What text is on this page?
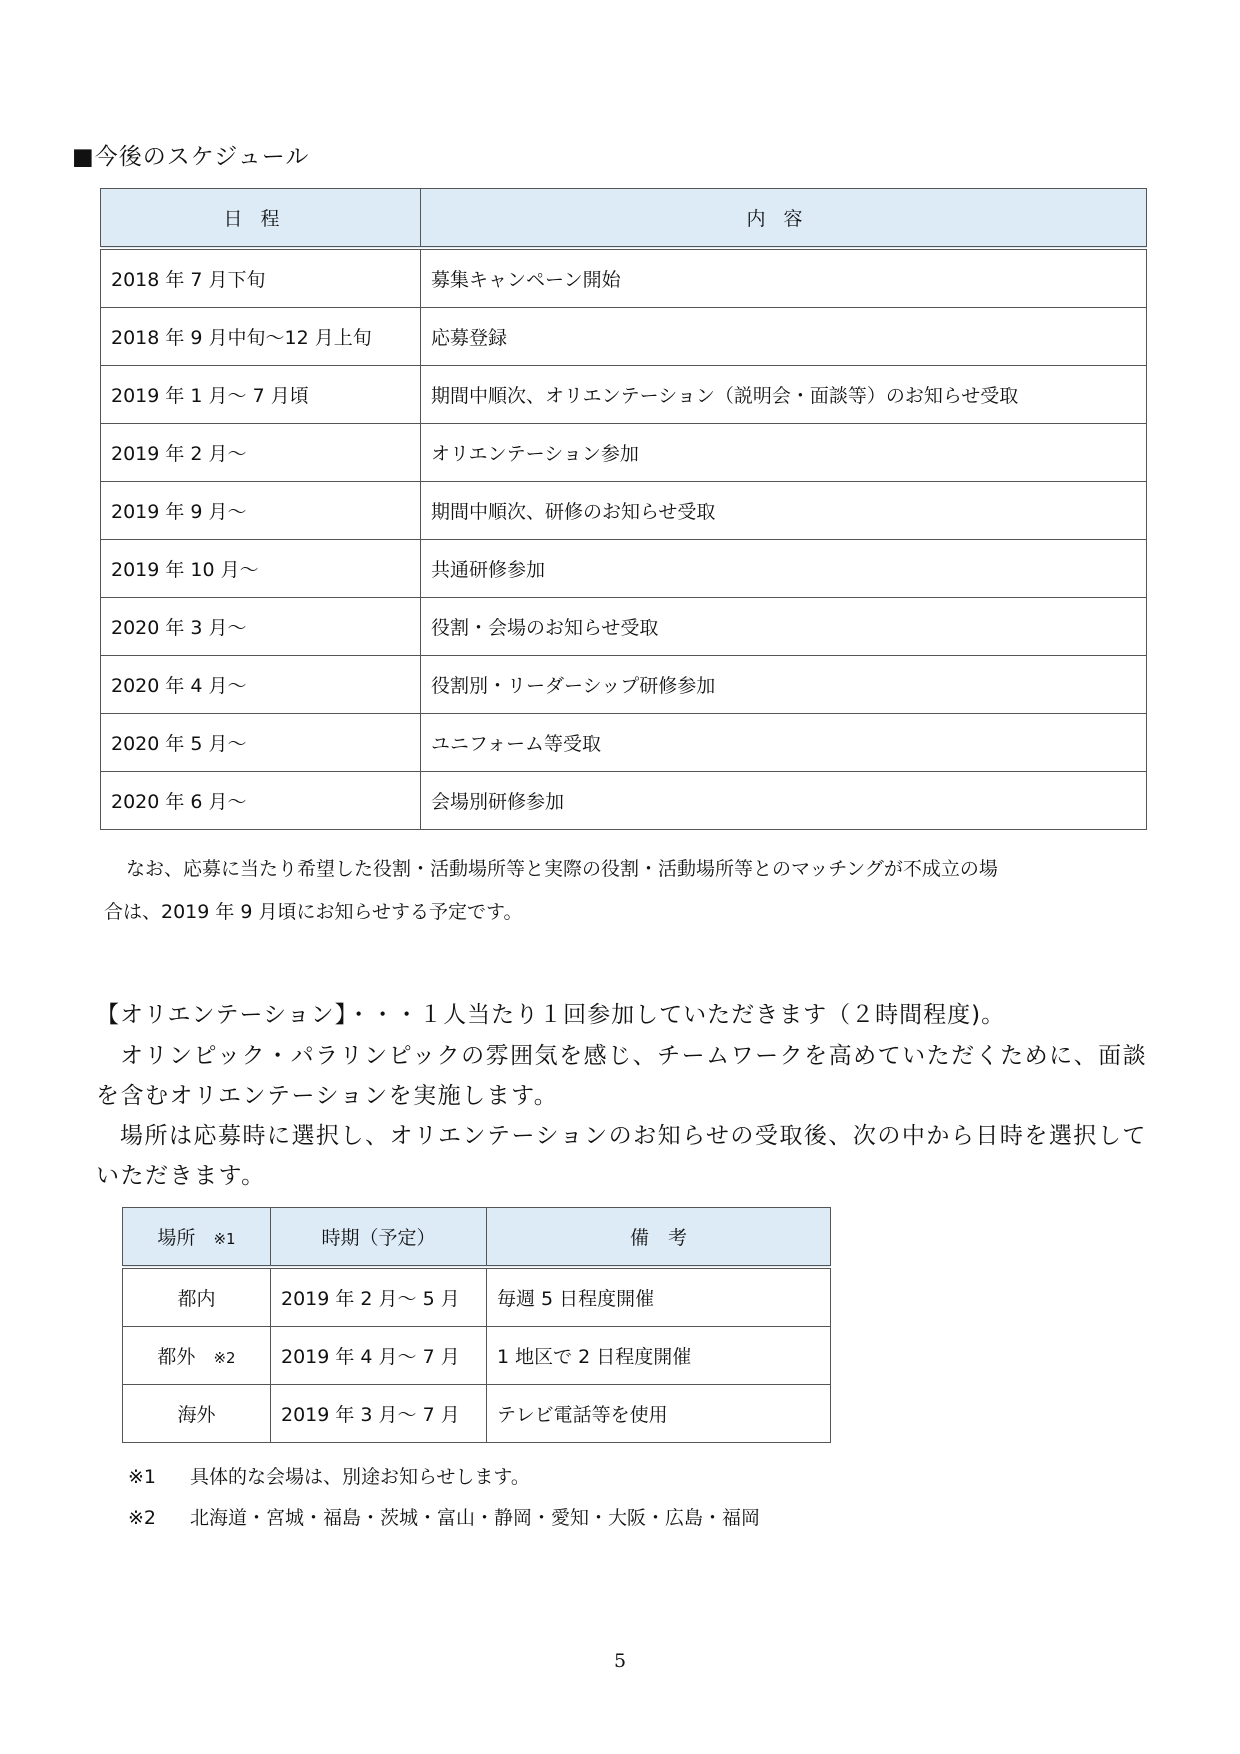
■今後のスケジュール
日程	内容
2018 年 7 月下旬	募集キャンペーン開始
2018 年 9 月中旬～12 月上旬	応募登録
2019 年 1 月～ 7 月頃	期間中順次、オリエンテーション（説明会・面談等）のお知らせ受取
2019 年 2 月～	オリエンテーション参加
2019 年 9 月～	期間中順次、研修のお知らせ受取
2019 年 10 月～	共通研修参加
2020 年 3 月～	役割・会場のお知らせ受取
2020 年 4 月～	役割別・リーダーシップ研修参加
2020 年 5 月～	ユニフォーム等受取
2020 年 6 月～	会場別研修参加
なお、応募に当たり希望した役割・活動場所等と実際の役割・活動場所等とのマッチングが不成立の場
合は、2019 年 9 月頃にお知らせする予定です。
【オリエンテーション】・・・１人当たり１回参加していただきます（２時間程度)。
オリンピック・パラリンピックの雰囲気を感じ、チームワークを高めていただくために、面談
を含むオリエンテーションを実施します。
場所は応募時に選択し、オリエンテーションのお知らせの受取後、次の中から日時を選択して
いただきます。
場所 ※1	時期（予定）	備　考
都内	2019 年 2 月～ 5 月	毎週 5 日程度開催
都外 ※2	2019 年 4 月～ 7 月	1 地区で 2 日程度開催
海外	2019 年 3 月～ 7 月	テレビ電話等を使用
※1 具体的な会場は、別途お知らせします。
※2 北海道・宮城・福島・茨城・富山・静岡・愛知・大阪・広島・福岡
5
